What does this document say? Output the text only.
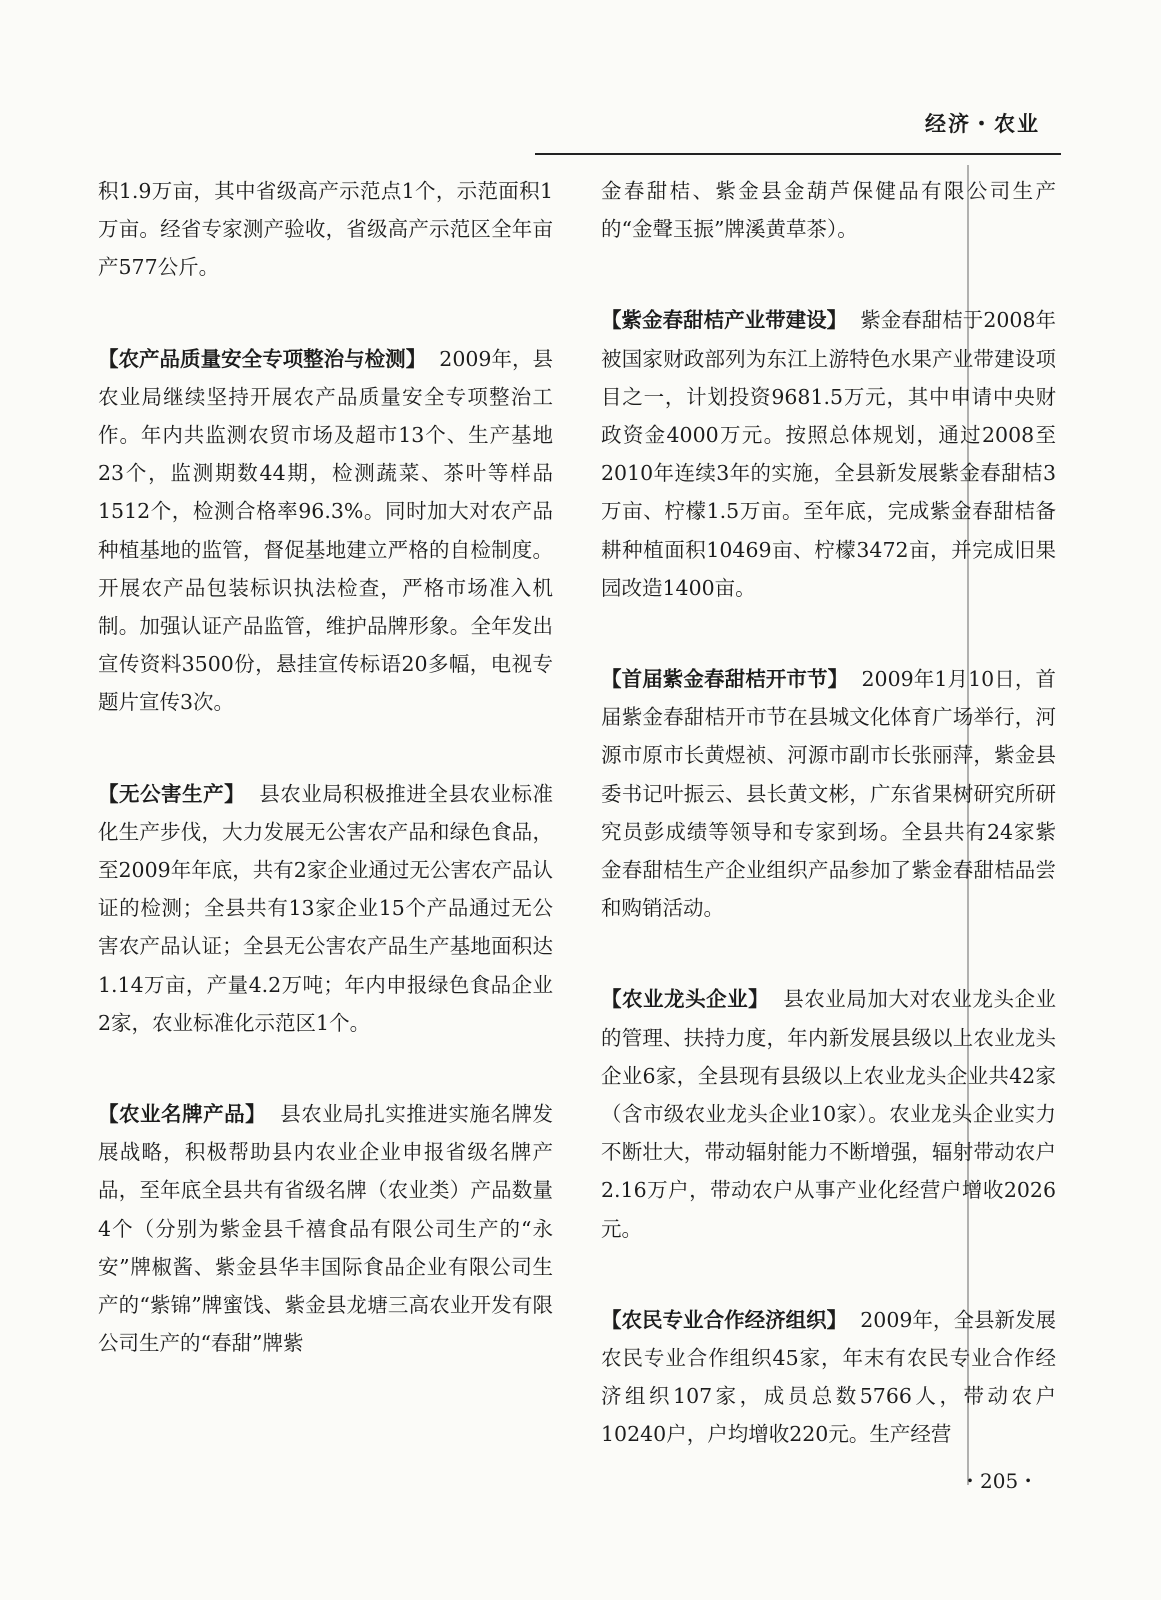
经济・农业

积1.9万亩，其中省级高产示范点1个，示范面积1万亩。经省专家测产验收，省级高产示范区全年亩产577公斤。

【农产品质量安全专项整治与检测】 2009年，县农业局继续坚持开展农产品质量安全专项整治工作。年内共监测农贸市场及超市13个、生产基地23个，监测期数44期，检测蔬菜、茶叶等样品1512个，检测合格率96.3%。同时加大对农产品种植基地的监管，督促基地建立严格的自检制度。开展农产品包装标识执法检查，严格市场准入机制。加强认证产品监管，维护品牌形象。全年发出宣传资料3500份，悬挂宣传标语20多幅，电视专题片宣传3次。

【无公害生产】 县农业局积极推进全县农业标准化生产步伐，大力发展无公害农产品和绿色食品，至2009年年底，共有2家企业通过无公害农产品认证的检测；全县共有13家企业15个产品通过无公害农产品认证；全县无公害农产品生产基地面积达1.14万亩，产量4.2万吨；年内申报绿色食品企业2家，农业标准化示范区1个。

【农业名牌产品】 县农业局扎实推进实施名牌发展战略，积极帮助县内农业企业申报省级名牌产品，至年底全县共有省级名牌（农业类）产品数量4个（分别为紫金县千禧食品有限公司生产的“永安”牌椒酱、紫金县华丰国际食品企业有限公司生产的“紫锦”牌蜜饯、紫金县龙塘三高农业开发有限公司生产的“春甜”牌紫

金春甜桔、紫金县金葫芦保健品有限公司生产的“金聲玉振”牌溪黄草茶）。

【紫金春甜桔产业带建设】 紫金春甜桔于2008年被国家财政部列为东江上游特色水果产业带建设项目之一，计划投资9681.5万元，其中申请中央财政资金4000万元。按照总体规划，通过2008至2010年连续3年的实施，全县新发展紫金春甜桔3万亩、柠檬1.5万亩。至年底，完成紫金春甜桔备耕种植面积10469亩、柠檬3472亩，并完成旧果园改造1400亩。

【首届紫金春甜桔开市节】 2009年1月10日，首届紫金春甜桔开市节在县城文化体育广场举行，河源市原市长黄煜祯、河源市副市长张丽萍，紫金县委书记叶振云、县长黄文彬，广东省果树研究所研究员彭成绩等领导和专家到场。全县共有24家紫金春甜桔生产企业组织产品参加了紫金春甜桔品尝和购销活动。

【农业龙头企业】 县农业局加大对农业龙头企业的管理、扶持力度，年内新发展县级以上农业龙头企业6家，全县现有县级以上农业龙头企业共42家（含市级农业龙头企业10家）。农业龙头企业实力不断壮大，带动辐射能力不断增强，辐射带动农户2.16万户，带动农户从事产业化经营户增收2026元。

【农民专业合作经济组织】 2009年，全县新发展农民专业合作组织45家，年末有农民专业合作经济组织107家，成员总数5766人，带动农户10240户，户均增收220元。生产经营

・205・
